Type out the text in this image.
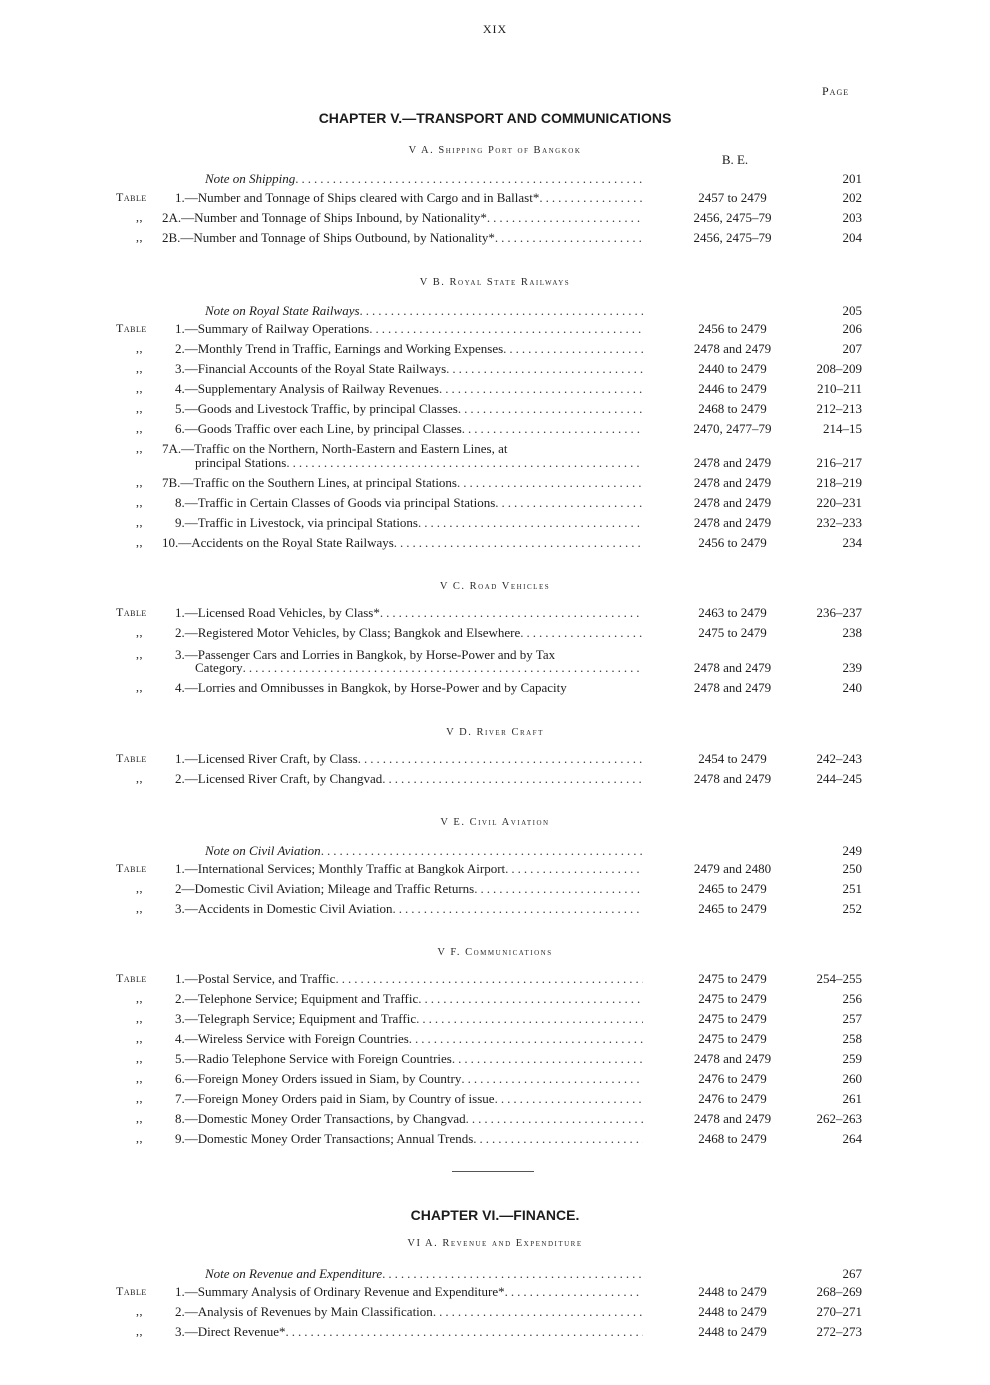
XIX
Page
CHAPTER V.—TRANSPORT AND COMMUNICATIONS
B. E.
V A. Shipping Port of Bangkok
Note on Shipping .....	201
Table 1.—Number and Tonnage of Ships cleared with Cargo and in Ballast* .....	2457 to 2479	202
,, 2A.—Number and Tonnage of Ships Inbound, by Nationality* .....	2456, 2475–79	203
,, 2B.—Number and Tonnage of Ships Outbound, by Nationality* .....	2456, 2475–79	204
V B. Royal State Railways
Note on Royal State Railways .....	205
Table 1.—Summary of Railway Operations .....	2456 to 2479	206
,, 2.—Monthly Trend in Traffic, Earnings and Working Expenses .....	2478 and 2479	207
,, 3.—Financial Accounts of the Royal State Railways .....	2440 to 2479	208–209
,, 4.—Supplementary Analysis of Railway Revenues .....	2446 to 2479	210–211
,, 5.—Goods and Livestock Traffic, by principal Classes .....	2468 to 2479	212–213
,, 6.—Goods Traffic over each Line, by principal Classes .....	2470, 2477–79	214–15
,, 7A.—Traffic on the Northern, North-Eastern and Eastern Lines, at
principal Stations .....	2478 and 2479	216–217
,, 7B.—Traffic on the Southern Lines, at principal Stations .....	2478 and 2479	218–219
,, 8.—Traffic in Certain Classes of Goods via principal Stations .....	2478 and 2479	220–231
,, 9.—Traffic in Livestock, via principal Stations .....	2478 and 2479	232–233
,, 10.—Accidents on the Royal State Railways .....	2456 to 2479	234
V C. Road Vehicles
Table 1.—Licensed Road Vehicles, by Class* .....	2463 to 2479	236–237
,, 2.—Registered Motor Vehicles, by Class; Bangkok and Elsewhere .....	2475 to 2479	238
,, 3.—Passenger Cars and Lorries in Bangkok, by Horse-Power and by Tax
Category .....	2478 and 2479	239
,, 4.—Lorries and Omnibusses in Bangkok, by Horse-Power and by Capacity	2478 and 2479	240
V D. River Craft
Table 1.—Licensed River Craft, by Class .....	2454 to 2479	242–243
,, 2.—Licensed River Craft, by Changvad .....	2478 and 2479	244–245
V E. Civil Aviation
Note on Civil Aviation .....	249
Table 1.—International Services; Monthly Traffic at Bangkok Airport .....	2479 and 2480	250
,, 2—Domestic Civil Aviation; Mileage and Traffic Returns .....	2465 to 2479	251
,, 3.—Accidents in Domestic Civil Aviation .....	2465 to 2479	252
V F. Communications
Table 1.—Postal Service, and Traffic .....	2475 to 2479	254–255
,, 2.—Telephone Service; Equipment and Traffic .....	2475 to 2479	256
,, 3.—Telegraph Service; Equipment and Traffic .....	2475 to 2479	257
,, 4.—Wireless Service with Foreign Countries .....	2475 to 2479	258
,, 5.—Radio Telephone Service with Foreign Countries .....	2478 and 2479	259
,, 6.—Foreign Money Orders issued in Siam, by Country .....	2476 to 2479	260
,, 7.—Foreign Money Orders paid in Siam, by Country of issue .....	2476 to 2479	261
,, 8.—Domestic Money Order Transactions, by Changvad .....	2478 and 2479	262–263
,, 9.—Domestic Money Order Transactions; Annual Trends .....	2468 to 2479	264
VI A. Revenue and Expenditure
Note on Revenue and Expenditure .....	267
Table 1.—Summary Analysis of Ordinary Revenue and Expenditure* .....	2448 to 2479	268–269
,, 2.—Analysis of Revenues by Main Classification .....	2448 to 2479	270–271
,, 3.—Direct Revenue* .....	2448 to 2479	272–273
CHAPTER VI.—FINANCE.
